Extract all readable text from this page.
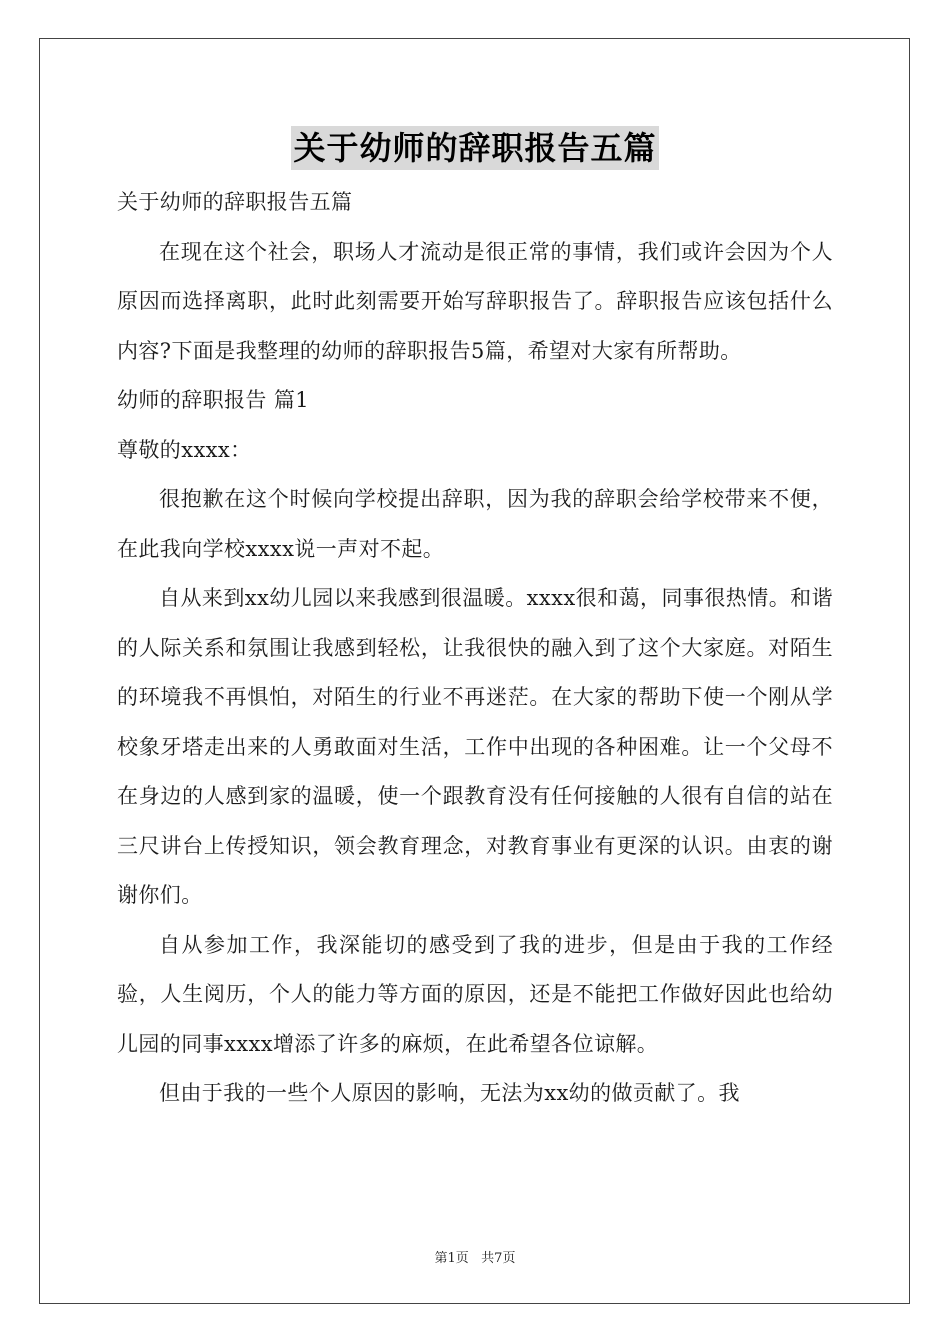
关于幼师的辞职报告五篇

关于幼师的辞职报告五篇

在现在这个社会，职场人才流动是很正常的事情，我们或许会因为个人原因而选择离职，此时此刻需要开始写辞职报告了。辞职报告应该包括什么内容?下面是我整理的幼师的辞职报告5篇，希望对大家有所帮助。

幼师的辞职报告 篇1

尊敬的xxxx：

很抱歉在这个时候向学校提出辞职，因为我的辞职会给学校带来不便，在此我向学校xxxx说一声对不起。

自从来到xx幼儿园以来我感到很温暖。xxxx很和蔼，同事很热情。和谐的人际关系和氛围让我感到轻松，让我很快的融入到了这个大家庭。对陌生的环境我不再惧怕，对陌生的行业不再迷茫。在大家的帮助下使一个刚从学校象牙塔走出来的人勇敢面对生活，工作中出现的各种困难。让一个父母不在身边的人感到家的温暖，使一个跟教育没有任何接触的人很有自信的站在三尺讲台上传授知识，领会教育理念，对教育事业有更深的认识。由衷的谢谢你们。

自从参加工作，我深能切的感受到了我的进步，但是由于我的工作经验，人生阅历，个人的能力等方面的原因，还是不能把工作做好因此也给幼儿园的同事xxxx增添了许多的麻烦，在此希望各位谅解。

但由于我的一些个人原因的影响，无法为xx幼的做贡献了。我

第1页   共7页
